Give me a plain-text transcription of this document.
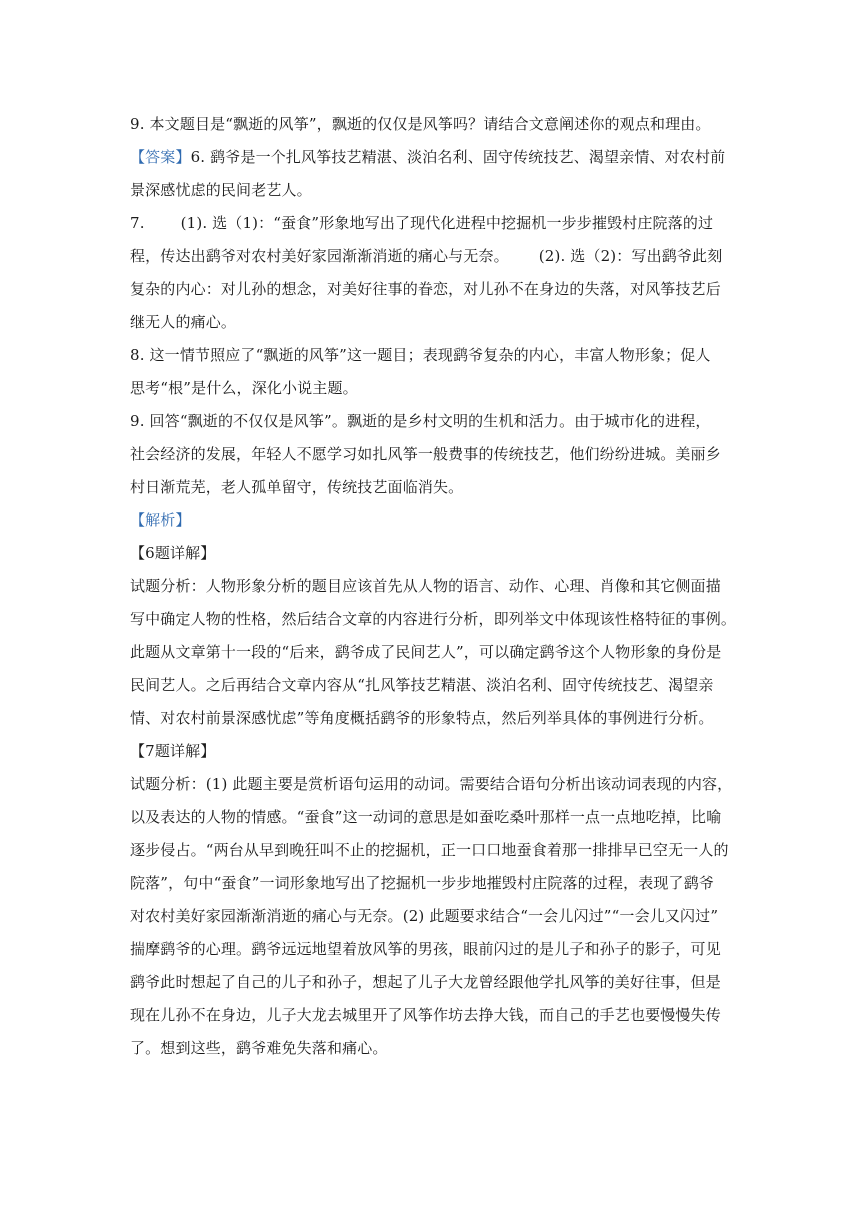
9. 本文题目是“飘逝的风筝”，飘逝的仅仅是风筝吗？请结合文意阐述你的观点和理由。
【答案】6. 鹞爷是一个扎风筝技艺精湛、淡泊名利、固守传统技艺、渴望亲情、对农村前
景深感忧虑的民间老艺人。
7. (1). 选（1)：“蚕食”形象地写出了现代化进程中挖掘机一步步摧毁村庄院落的过
程，传达出鹞爷对农村美好家园渐渐消逝的痛心与无奈。 (2). 选（2)：写出鹞爷此刻
复杂的内心：对儿孙的想念，对美好往事的眷恋，对儿孙不在身边的失落，对风筝技艺后
继无人的痛心。
8. 这一情节照应了“飘逝的风筝”这一题目；表现鹞爷复杂的内心，丰富人物形象；促人
思考“根”是什么，深化小说主题。
9. 回答“飘逝的不仅仅是风筝”。飘逝的是乡村文明的生机和活力。由于城市化的进程，
社会经济的发展，年轻人不愿学习如扎风筝一般费事的传统技艺，他们纷纷进城。美丽乡
村日渐荒芜，老人孤单留守，传统技艺面临消失。
【解析】
【6题详解】
试题分析：人物形象分析的题目应该首先从人物的语言、动作、心理、肖像和其它侧面描
写中确定人物的性格，然后结合文章的内容进行分析，即列举文中体现该性格特征的事例。
此题从文章第十一段的“后来，鹞爷成了民间艺人”，可以确定鹞爷这个人物形象的身份是
民间艺人。之后再结合文章内容从“扎风筝技艺精湛、淡泊名利、固守传统技艺、渴望亲
情、对农村前景深感忧虑”等角度概括鹞爷的形象特点，然后列举具体的事例进行分析。
【7题详解】
试题分析：(1) 此题主要是赏析语句运用的动词。需要结合语句分析出该动词表现的内容，
以及表达的人物的情感。“蚕食”这一动词的意思是如蚕吃桑叶那样一点一点地吃掉，比喻
逐步侵占。“两台从早到晚狂叫不止的挖掘机，正一口口地蚕食着那一排排早已空无一人的
院落”，句中“蚕食”一词形象地写出了挖掘机一步步地摧毁村庄院落的过程，表现了鹞爷
对农村美好家园渐渐消逝的痛心与无奈。(2) 此题要求结合“一会儿闪过”“一会儿又闪过”
揣摩鹞爷的心理。鹞爷远远地望着放风筝的男孩，眼前闪过的是儿子和孙子的影子，可见
鹞爷此时想起了自己的儿子和孙子，想起了儿子大龙曾经跟他学扎风筝的美好往事，但是
现在儿孙不在身边，儿子大龙去城里开了风筝作坊去挣大钱，而自己的手艺也要慢慢失传
了。想到这些，鹞爷难免失落和痛心。
